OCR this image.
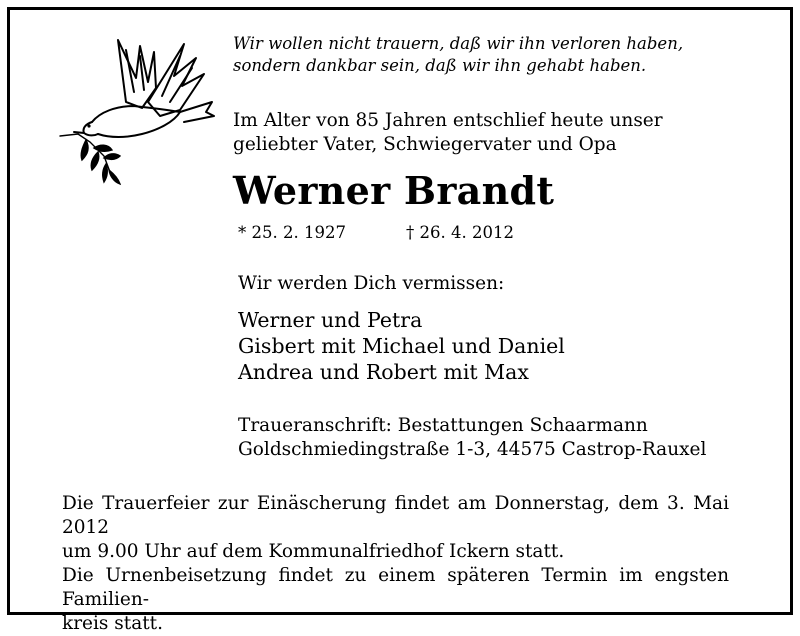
Wir wollen nicht trauern, daß wir ihn verloren haben,
sondern dankbar sein, daß wir ihn gehabt haben.
Im Alter von 85 Jahren entschlief heute unser
geliebter Vater, Schwiegervater und Opa
Werner Brandt
* 25. 2. 1927	† 26. 4. 2012
Wir werden Dich vermissen:
Werner und Petra
Gisbert mit Michael und Daniel
Andrea und Robert mit Max
Traueranschrift: Bestattungen Schaarmann
Goldschmiedingstraße 1-3, 44575 Castrop-Rauxel
Die Trauerfeier zur Einäscherung findet am Donnerstag, dem 3. Mai 2012
um 9.00 Uhr auf dem Kommunalfriedhof Ickern statt.
Die Urnenbeisetzung findet zu einem späteren Termin im engsten Familien-
kreis statt.
